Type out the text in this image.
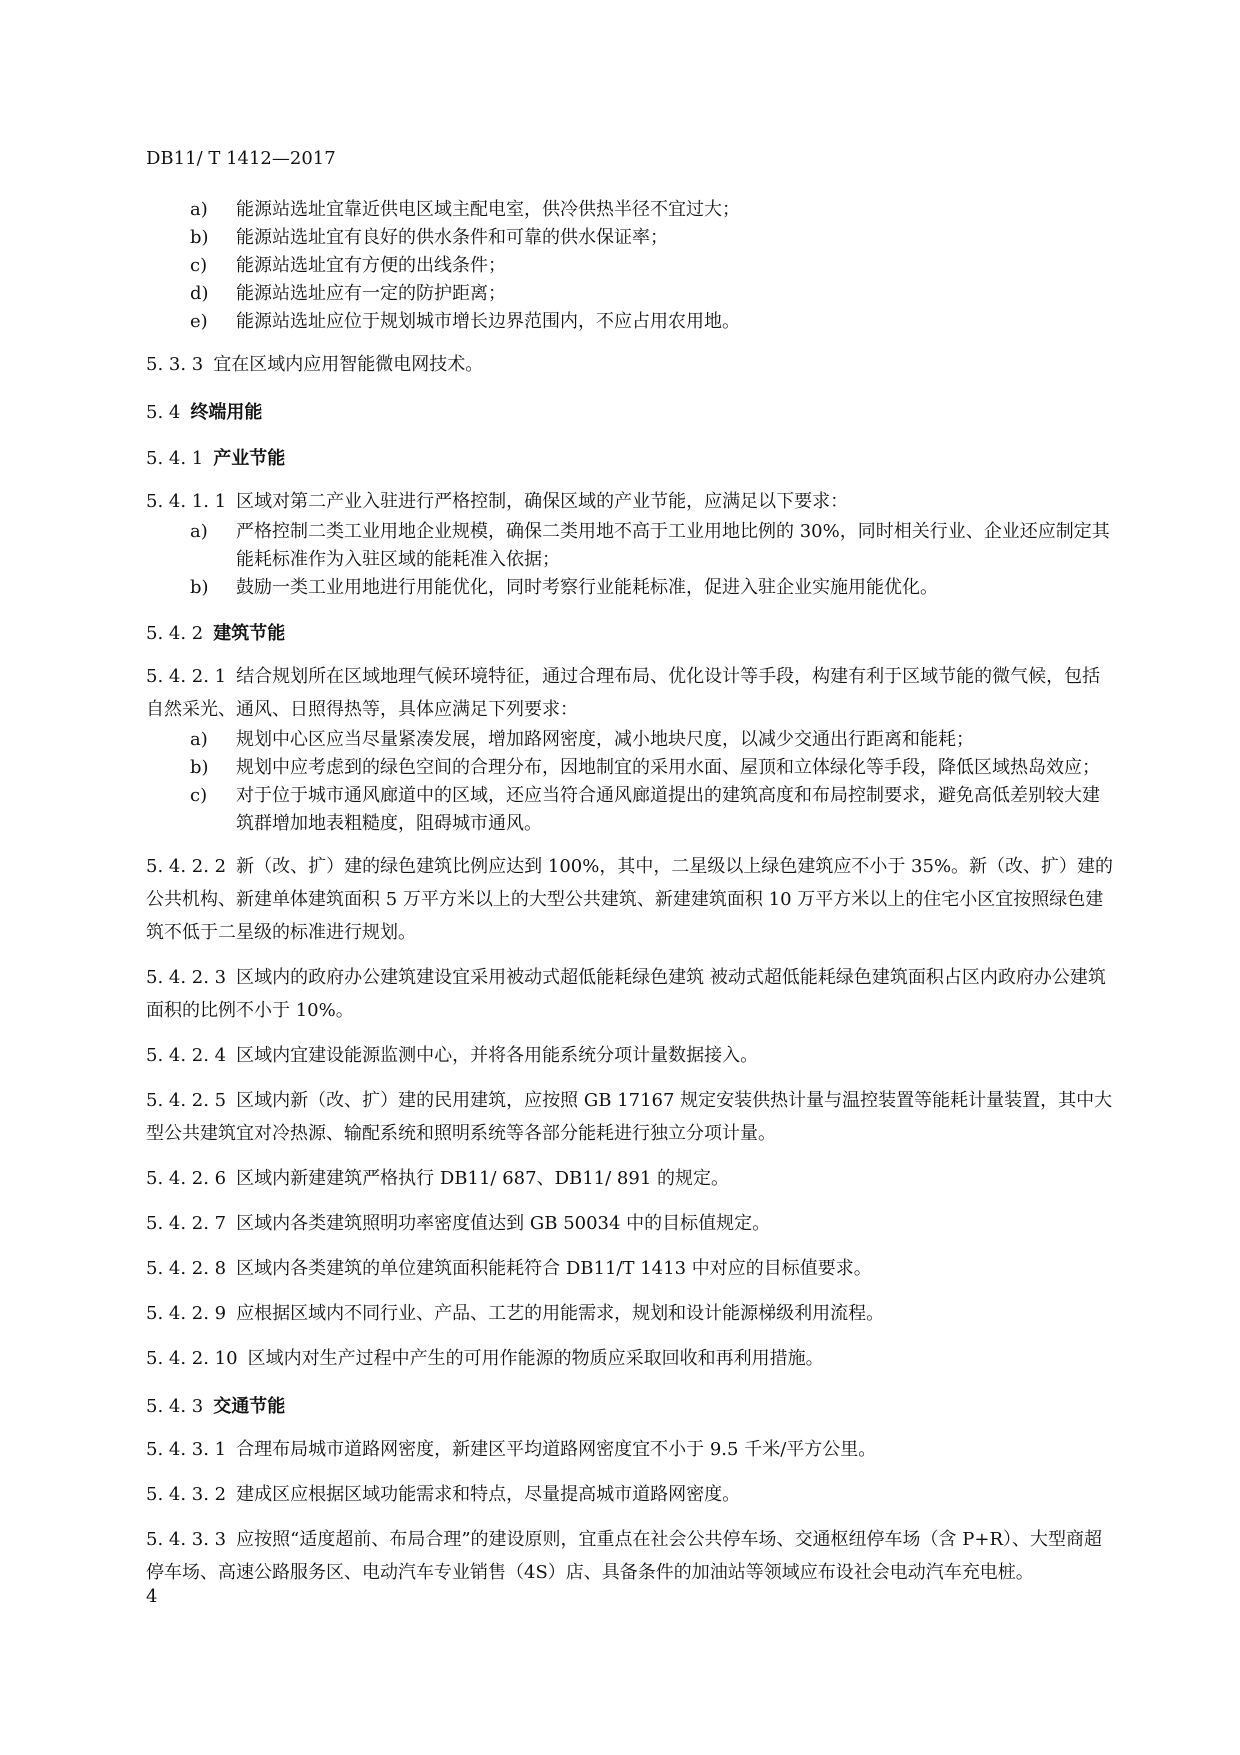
DB11/ T 1412—2017
a) 能源站选址宜靠近供电区域主配电室，供冷供热半径不宜过大；
b) 能源站选址宜有良好的供水条件和可靠的供水保证率；
c) 能源站选址宜有方便的出线条件；
d) 能源站选址应有一定的防护距离；
e) 能源站选址应位于规划城市增长边界范围内，不应占用农用地。
5. 3. 3 宜在区域内应用智能微电网技术。
5. 4 终端用能
5. 4. 1 产业节能
5. 4. 1. 1 区域对第二产业入驻进行严格控制，确保区域的产业节能，应满足以下要求：
a) 严格控制二类工业用地企业规模，确保二类用地不高于工业用地比例的 30%，同时相关行业、企业还应制定其能耗标准作为入驻区域的能耗准入依据；
b) 鼓励一类工业用地进行用能优化，同时考察行业能耗标准，促进入驻企业实施用能优化。
5. 4. 2 建筑节能
5. 4. 2. 1 结合规划所在区域地理气候环境特征，通过合理布局、优化设计等手段，构建有利于区域节能的微气候，包括自然采光、通风、日照得热等，具体应满足下列要求：
a) 规划中心区应当尽量紧凑发展，增加路网密度，减小地块尺度，以减少交通出行距离和能耗；
b) 规划中应考虑到的绿色空间的合理分布，因地制宜的采用水面、屋顶和立体绿化等手段，降低区域热岛效应；
c) 对于位于城市通风廊道中的区域，还应当符合通风廊道提出的建筑高度和布局控制要求，避免高低差别较大建筑群增加地表粗糙度，阻碍城市通风。
5. 4. 2. 2 新（改、扩）建的绿色建筑比例应达到 100%，其中，二星级以上绿色建筑应不小于 35%。新（改、扩）建的公共机构、新建单体建筑面积 5 万平方米以上的大型公共建筑、新建建筑面积 10 万平方米以上的住宅小区宜按照绿色建筑不低于二星级的标准进行规划。
5. 4. 2. 3 区域内的政府办公建筑建设宜采用被动式超低能耗绿色建筑 被动式超低能耗绿色建筑面积占区内政府办公建筑面积的比例不小于 10%。
5. 4. 2. 4 区域内宜建设能源监测中心，并将各用能系统分项计量数据接入。
5. 4. 2. 5 区域内新（改、扩）建的民用建筑，应按照 GB 17167 规定安装供热计量与温控装置等能耗计量装置，其中大型公共建筑宜对冷热源、输配系统和照明系统等各部分能耗进行独立分项计量。
5. 4. 2. 6 区域内新建建筑严格执行 DB11/ 687、DB11/ 891 的规定。
5. 4. 2. 7 区域内各类建筑照明功率密度值达到 GB 50034 中的目标值规定。
5. 4. 2. 8 区域内各类建筑的单位建筑面积能耗符合 DB11/T 1413 中对应的目标值要求。
5. 4. 2. 9 应根据区域内不同行业、产品、工艺的用能需求，规划和设计能源梯级利用流程。
5. 4. 2. 10 区域内对生产过程中产生的可用作能源的物质应采取回收和再利用措施。
5. 4. 3 交通节能
5. 4. 3. 1 合理布局城市道路网密度，新建区平均道路网密度宜不小于 9.5 千米/平方公里。
5. 4. 3. 2 建成区应根据区域功能需求和特点，尽量提高城市道路网密度。
5. 4. 3. 3 应按照“适度超前、布局合理”的建设原则，宜重点在社会公共停车场、交通枢纽停车场（含 P+R）、大型商超停车场、高速公路服务区、电动汽车专业销售（4S）店、具备条件的加油站等领域应布设社会电动汽车充电桩。
4
